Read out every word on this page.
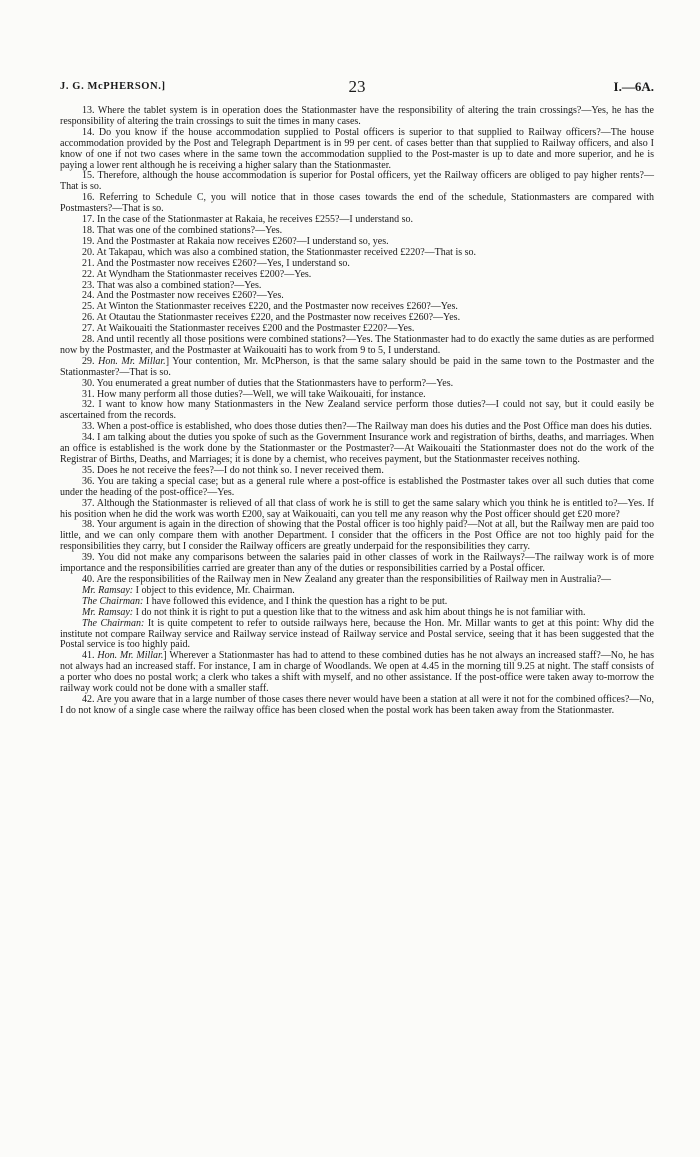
J. G. McPHERSON.]	23	I.—6A.

13. Where the tablet system is in operation does the Stationmaster have the responsibility of altering the train crossings?—Yes, he has the responsibility of altering the train crossings to suit the times in many cases.

14. Do you know if the house accommodation supplied to Postal officers is superior to that supplied to Railway officers?—The house accommodation provided by the Post and Telegraph Department is in 99 per cent. of cases better than that supplied to Railway officers, and also I know of one if not two cases where in the same town the accommodation supplied to the Post-master is up to date and more superior, and he is paying a lower rent although he is receiving a higher salary than the Stationmaster.

15. Therefore, although the house accommodation is superior for Postal officers, yet the Railway officers are obliged to pay higher rents?—That is so.

16. Referring to Schedule C, you will notice that in those cases towards the end of the schedule, Stationmasters are compared with Postmasters?—That is so.

17. In the case of the Stationmaster at Rakaia, he receives £255?—I understand so.

18. That was one of the combined stations?—Yes.

19. And the Postmaster at Rakaia now receives £260?—I understand so, yes.

20. At Takapau, which was also a combined station, the Stationmaster received £220?—That is so.

21. And the Postmaster now receives £260?—Yes, I understand so.

22. At Wyndham the Stationmaster receives £200?—Yes.

23. That was also a combined station?—Yes.

24. And the Postmaster now receives £260?—Yes.

25. At Winton the Stationmaster receives £220, and the Postmaster now receives £260?—Yes.

26. At Otautau the Stationmaster receives £220, and the Postmaster now receives £260?—Yes.

27. At Waikouaiti the Stationmaster receives £200 and the Postmaster £220?—Yes.

28. And until recently all those positions were combined stations?—Yes. The Stationmaster had to do exactly the same duties as are performed now by the Postmaster, and the Postmaster at Waikouaiti has to work from 9 to 5, I understand.

29. Hon. Mr. Millar.] Your contention, Mr. McPherson, is that the same salary should be paid in the same town to the Postmaster and the Stationmaster?—That is so.

30. You enumerated a great number of duties that the Stationmasters have to perform?—Yes.

31. How many perform all those duties?—Well, we will take Waikouaiti, for instance.

32. I want to know how many Stationmasters in the New Zealand service perform those duties?—I could not say, but it could easily be ascertained from the records.

33. When a post-office is established, who does those duties then?—The Railway man does his duties and the Post Office man does his duties.

34. I am talking about the duties you spoke of such as the Government Insurance work and registration of births, deaths, and marriages. When an office is established is the work done by the Stationmaster or the Postmaster?—At Waikouaiti the Stationmaster does not do the work of the Registrar of Births, Deaths, and Marriages; it is done by a chemist, who receives payment, but the Stationmaster receives nothing.

35. Does he not receive the fees?—I do not think so. I never received them.

36. You are taking a special case; but as a general rule where a post-office is established the Postmaster takes over all such duties that come under the heading of the post-office?—Yes.

37. Although the Stationmaster is relieved of all that class of work he is still to get the same salary which you think he is entitled to?—Yes. If his position when he did the work was worth £200, say at Waikouaiti, can you tell me any reason why the Post officer should get £20 more?

38. Your argument is again in the direction of showing that the Postal officer is too highly paid?—Not at all, but the Railway men are paid too little, and we can only compare them with another Department. I consider that the officers in the Post Office are not too highly paid for the responsibilities they carry, but I consider the Railway officers are greatly underpaid for the responsibilities they carry.

39. You did not make any comparisons between the salaries paid in other classes of work in the Railways?—The railway work is of more importance and the responsibilities carried are greater than any of the duties or responsibilities carried by a Postal officer.

40. Are the responsibilities of the Railway men in New Zealand any greater than the responsibilities of Railway men in Australia?—

Mr. Ramsay: I object to this evidence, Mr. Chairman.

The Chairman: I have followed this evidence, and I think the question has a right to be put.

Mr. Ramsay: I do not think it is right to put a question like that to the witness and ask him about things he is not familiar with.

The Chairman: It is quite competent to refer to outside railways here, because the Hon. Mr. Millar wants to get at this point: Why did the institute not compare Railway service and Railway service instead of Railway service and Postal service, seeing that it has been suggested that the Postal service is too highly paid.

41. Hon. Mr. Millar.] Wherever a Stationmaster has had to attend to these combined duties has he not always an increased staff?—No, he has not always had an increased staff. For instance, I am in charge of Woodlands. We open at 4.45 in the morning till 9.25 at night. The staff consists of a porter who does no postal work; a clerk who takes a shift with myself, and no other assistance. If the post-office were taken away to-morrow the railway work could not be done with a smaller staff.

42. Are you aware that in a large number of those cases there never would have been a station at all were it not for the combined offices?—No, I do not know of a single case where the railway office has been closed when the postal work has been taken away from the Stationmaster.
